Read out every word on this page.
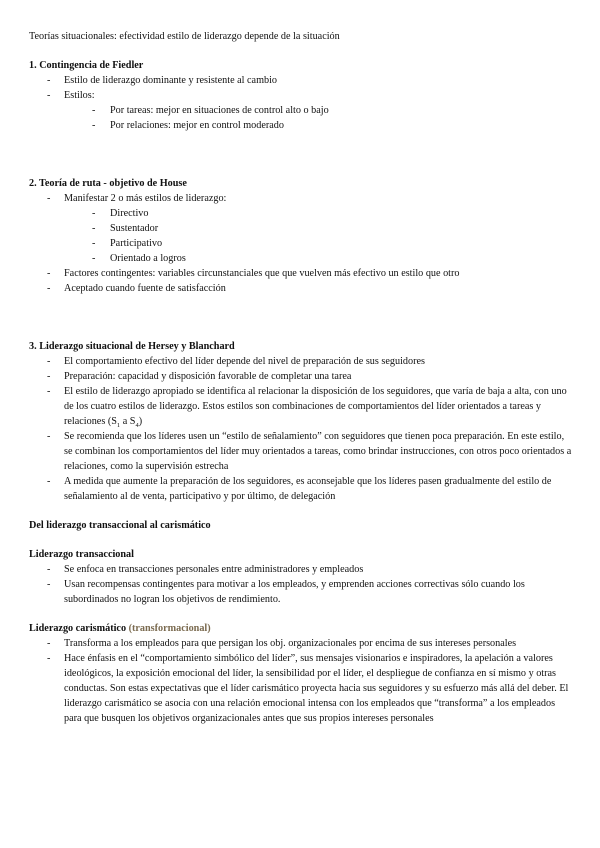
Teorías situacionales: efectividad estilo de liderazgo depende de la situación
1. Contingencia de Fiedler
- Estilo de liderazgo dominante y resistente al cambio
- Estilos:
- Por tareas: mejor en situaciones de control alto o bajo
- Por relaciones: mejor en control moderado
2. Teoría de ruta - objetivo de House
- Manifestar 2 o más estilos de liderazgo:
- Directivo
- Sustentador
- Participativo
- Orientado a logros
- Factores contingentes: variables circunstanciales que que vuelven más efectivo un estilo que otro
- Aceptado cuando fuente de satisfacción
3. Liderazgo situacional de Hersey y Blanchard
- El comportamiento efectivo del líder depende del nivel de preparación de sus seguidores
- Preparación: capacidad y disposición favorable de completar una tarea
- El estilo de liderazgo apropiado se identifica al relacionar la disposición de los seguidores, que varía de baja a alta, con uno de los cuatro estilos de liderazgo. Estos estilos son combinaciones de comportamientos del líder orientados a tareas y relaciones ($S_1$ a $S_4$)
- Se recomienda que los líderes usen un “estilo de señalamiento” con seguidores que tienen poca preparación. En este estilo, se combinan los comportamientos del líder muy orientados a tareas, como brindar instrucciones, con otros poco orientados a relaciones, como la supervisión estrecha
- A medida que aumente la preparación de los seguidores, es aconsejable que los líderes pasen gradualmente del estilo de señalamiento al de venta, participativo y por último, de delegación
Del liderazgo transaccional al carismático
Liderazgo transaccional
- Se enfoca en transacciones personales entre administradores y empleados
- Usan recompensas contingentes para motivar a los empleados, y emprenden acciones correctivas sólo cuando los subordinados no logran los objetivos de rendimiento.
Liderazgo carismático (transformacional)
- Transforma a los empleados para que persigan los obj. organizacionales por encima de sus intereses personales
- Hace énfasis en el “comportamiento simbólico del líder”, sus mensajes visionarios e inspiradores, la apelación a valores ideológicos, la exposición emocional del líder, la sensibilidad por el líder, el despliegue de confianza en sí mismo y otras conductas. Son estas expectativas que el líder carismático proyecta hacia sus seguidores y su esfuerzo más allá del deber. El liderazgo carismático se asocia con una relación emocional intensa con los empleados que “transforma” a los empleados para que busquen los objetivos organizacionales antes que sus propios intereses personales
